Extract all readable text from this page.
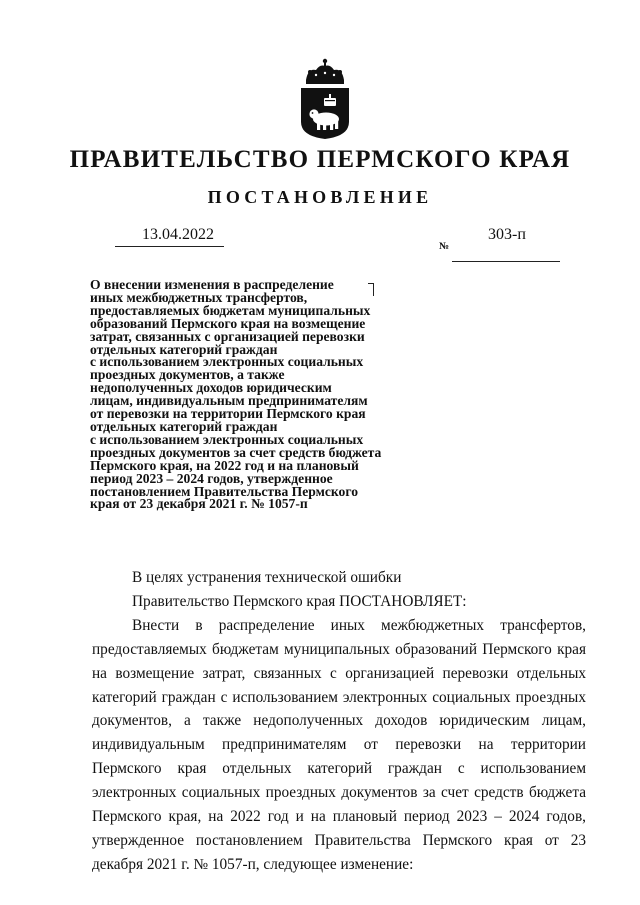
ПРАВИТЕЛЬСТВО ПЕРМСКОГО КРАЯ
ПОСТАНОВЛЕНИЕ
13.04.2022
№
303-п
О внесении изменения в распределение
иных межбюджетных трансфертов,
предоставляемых бюджетам муниципальных
образований Пермского края на возмещение
затрат, связанных с организацией перевозки
отдельных категорий граждан
с использованием электронных социальных
проездных документов, а также
недополученных доходов юридическим
лицам, индивидуальным предпринимателям
от перевозки на территории Пермского края
отдельных категорий граждан
с использованием электронных социальных
проездных документов за счет средств бюджета
Пермского края, на 2022 год и на плановый
период 2023 – 2024 годов, утвержденное
постановлением Правительства Пермского
края от 23 декабря 2021 г. № 1057-п

В целях устранения технической ошибки

Правительство Пермского края ПОСТАНОВЛЯЕТ:

Внести в распределение иных межбюджетных трансфертов, предоставляемых бюджетам муниципальных образований Пермского края на возмещение затрат, связанных с организацией перевозки отдельных категорий граждан с использованием электронных социальных проездных документов, а также недополученных доходов юридическим лицам, индивидуальным предпринимателям от перевозки на территории Пермского края отдельных категорий граждан с использованием электронных социальных проездных документов за счет средств бюджета Пермского края, на 2022 год и на плановый период 2023 – 2024 годов, утвержденное постановлением Правительства Пермского края от 23 декабря 2021 г. № 1057-п, следующее изменение:
